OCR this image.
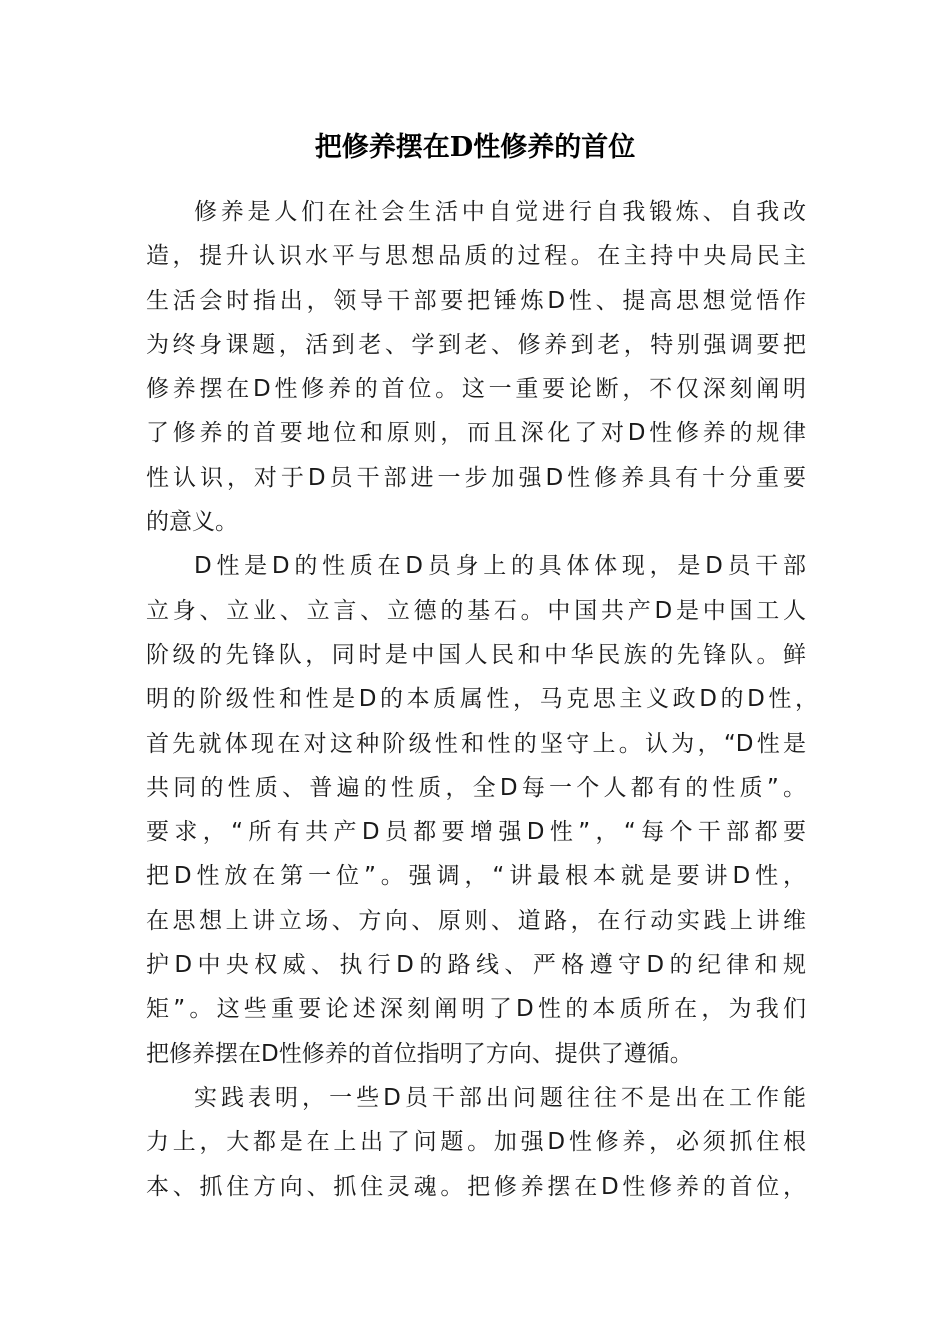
把修养摆在D性修养的首位
修养是人们在社会生活中自觉进行自我锻炼、自我改
造，提升认识水平与思想品质的过程。在主持中央局民主
生活会时指出，领导干部要把锤炼D性、提高思想觉悟作
为终身课题，活到老、学到老、修养到老，特别强调要把
修养摆在D性修养的首位。这一重要论断，不仅深刻阐明
了修养的首要地位和原则，而且深化了对D性修养的规律
性认识，对于D员干部进一步加强D性修养具有十分重要
的意义。
D性是D的性质在D员身上的具体体现，是D员干部
立身、立业、立言、立德的基石。中国共产D是中国工人
阶级的先锋队，同时是中国人民和中华民族的先锋队。鲜
明的阶级性和性是D的本质属性，马克思主义政D的D性，
首先就体现在对这种阶级性和性的坚守上。认为，“D性是
共同的性质、普遍的性质，全D每一个人都有的性质”。
要求，“所有共产D员都要增强D性”，“每个干部都要
把D性放在第一位”。强调，“讲最根本就是要讲D性，
在思想上讲立场、方向、原则、道路，在行动实践上讲维
护D中央权威、执行D的路线、严格遵守D的纪律和规
矩”。这些重要论述深刻阐明了D性的本质所在，为我们
把修养摆在D性修养的首位指明了方向、提供了遵循。
实践表明，一些D员干部出问题往往不是出在工作能
力上，大都是在上出了问题。加强D性修养，必须抓住根
本、抓住方向、抓住灵魂。把修养摆在D性修养的首位，
